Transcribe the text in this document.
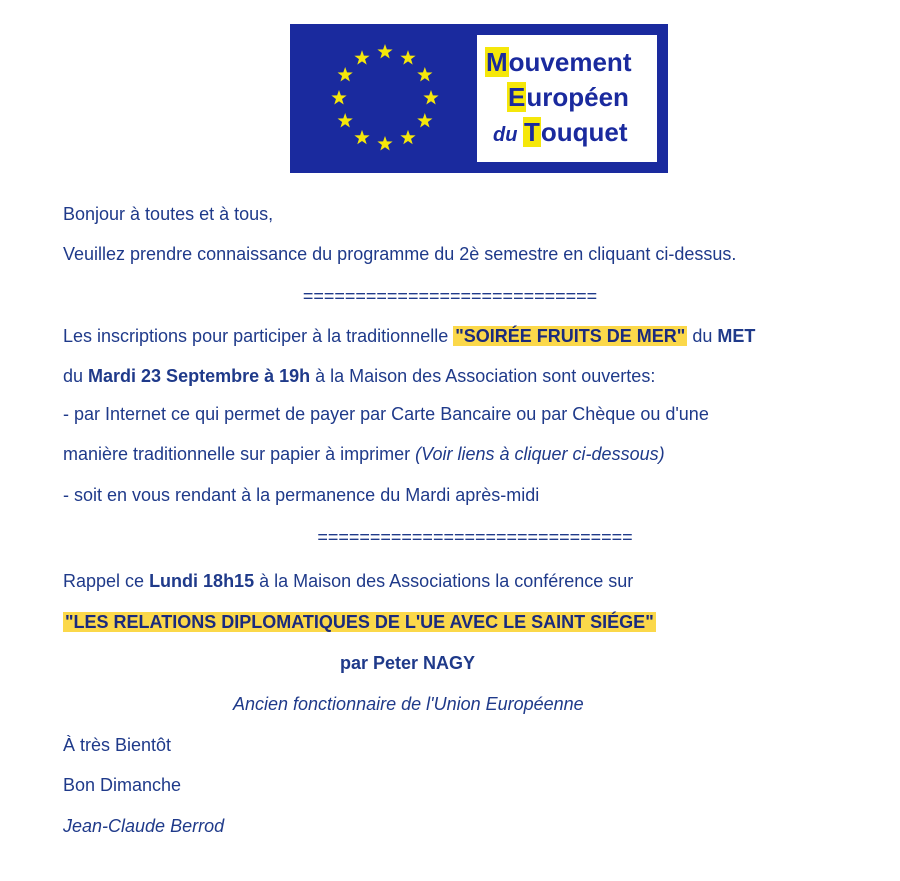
Mouvement
Européen
du Touquet
Bonjour à toutes et à tous,
Veuillez prendre connaissance du programme du 2è semestre en cliquant ci-dessus.
============================
Les inscriptions pour participer à la traditionnelle "SOIRÉE FRUITS DE MER" du MET
du Mardi 23 Septembre à 19h à la Maison des Association sont ouvertes:
- par Internet ce qui permet de payer par Carte Bancaire ou par Chèque ou d'une
manière traditionnelle sur papier à imprimer (Voir liens à cliquer ci-dessous)
- soit en vous rendant à la permanence du Mardi après-midi
==============================
Rappel ce Lundi 18h15 à la Maison des Associations la conférence sur
"LES RELATIONS DIPLOMATIQUES DE L'UE AVEC LE SAINT SIÉGE"
par Peter NAGY
Ancien fonctionnaire de l'Union Européenne
À très Bientôt
Bon Dimanche
Jean-Claude Berrod
